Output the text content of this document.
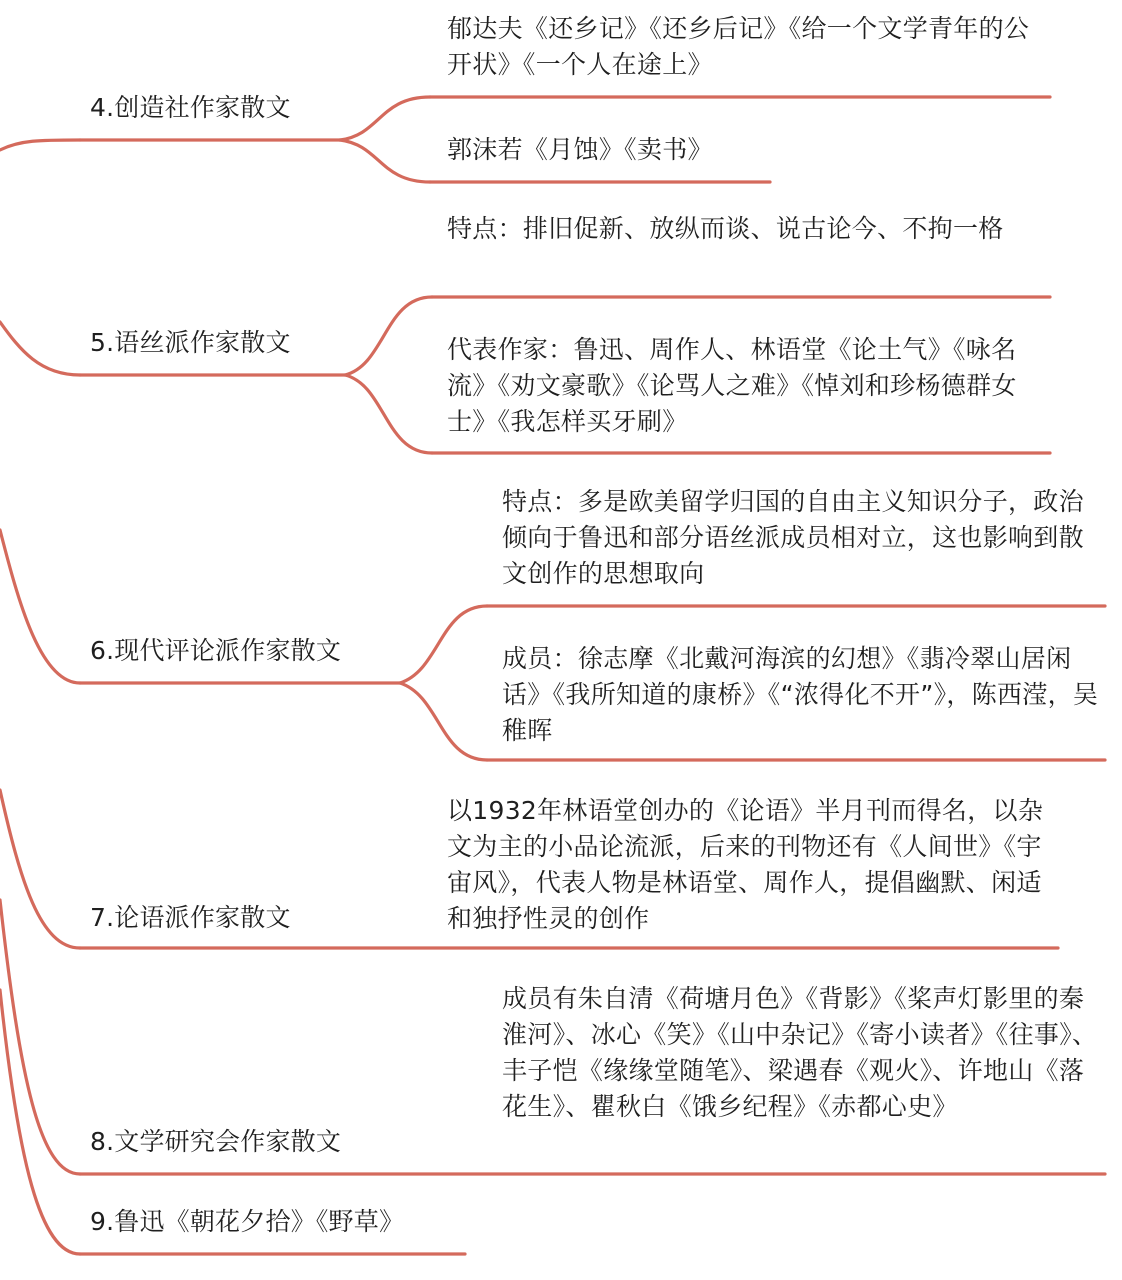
4.创造社作家散文
郁达夫《还乡记》《还乡后记》《给一个文学青年的公开状》《一个人在途上》
郭沫若《月蚀》《卖书》
5.语丝派作家散文
特点：排旧促新、放纵而谈、说古论今、不拘一格
代表作家：鲁迅、周作人、林语堂《论土气》《咏名流》《劝文豪歌》《论骂人之难》《悼刘和珍杨德群女士》《我怎样买牙刷》
6.现代评论派作家散文
特点：多是欧美留学归国的自由主义知识分子，政治倾向于鲁迅和部分语丝派成员相对立，这也影响到散文创作的思想取向
成员：徐志摩《北戴河海滨的幻想》《翡冷翠山居闲话》《我所知道的康桥》《“浓得化不开”》，陈西滢，吴稚晖
7.论语派作家散文
以1932年林语堂创办的《论语》半月刊而得名，以杂文为主的小品论流派，后来的刊物还有《人间世》《宇宙风》，代表人物是林语堂、周作人，提倡幽默、闲适和独抒性灵的创作
8.文学研究会作家散文
成员有朱自清《荷塘月色》《背影》《桨声灯影里的秦淮河》、冰心《笑》《山中杂记》《寄小读者》《往事》、丰子恺《缘缘堂随笔》、梁遇春《观火》、许地山《落花生》、瞿秋白《饿乡纪程》《赤都心史》
9.鲁迅《朝花夕拾》《野草》
